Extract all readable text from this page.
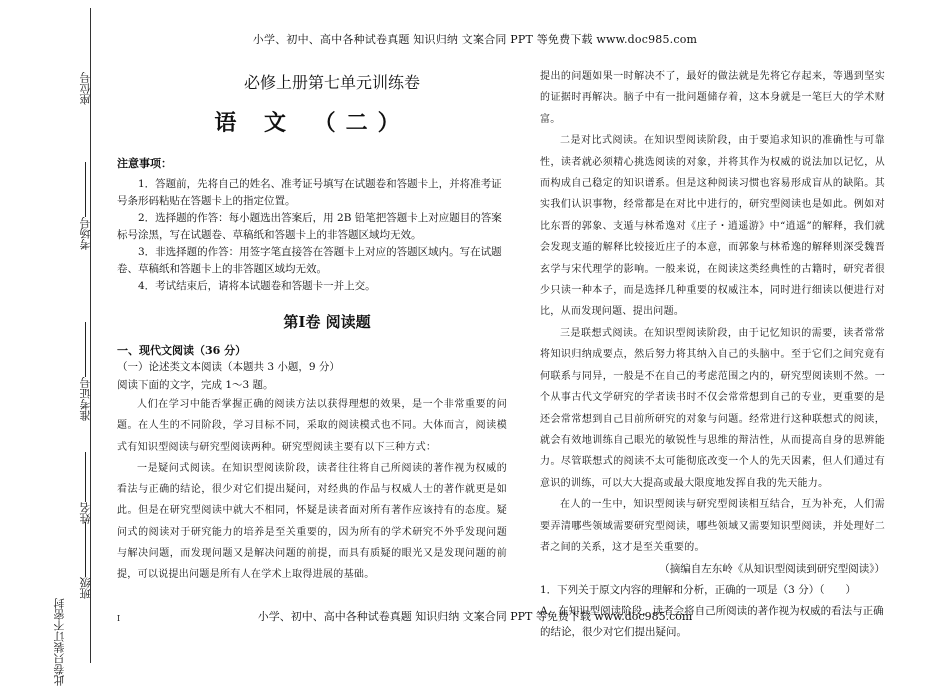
小学、初中、高中各种试卷真题 知识归纳 文案合同 PPT 等免费下载 www.doc985.com
座位号
考场号
准考证号
姓名
班级
此卷只装订不密封	I
必修上册第七单元训练卷
语 文 （二）
注意事项：

1．答题前，先将自己的姓名、准考证号填写在试题卷和答题卡上，并将准考证号条形码粘贴在答题卡上的指定位置。

2．选择题的作答：每小题选出答案后，用 2B 铅笔把答题卡上对应题目的答案标号涂黑，写在试题卷、草稿纸和答题卡上的非答题区域均无效。

3．非选择题的作答：用签字笔直接答在答题卡上对应的答题区域内。写在试题卷、草稿纸和答题卡上的非答题区域均无效。

4．考试结束后，请将本试题卷和答题卡一并上交。

第Ⅰ卷 阅读题
一、现代文阅读（36 分）

（一）论述类文本阅读（本题共 3 小题，9 分）

阅读下面的文字，完成 1～3 题。

人们在学习中能否掌握正确的阅读方法以获得理想的效果，是一个非常重要的问题。在人生的不同阶段，学习目标不同，采取的阅读模式也不同。大体而言，阅读模式有知识型阅读与研究型阅读两种。研究型阅读主要有以下三种方式：

一是疑问式阅读。在知识型阅读阶段，读者往往将自己所阅读的著作视为权威的看法与正确的结论，很少对它们提出疑问，对经典的作品与权威人士的著作就更是如此。但是在研究型阅读中就大不相同，怀疑是读者面对所有著作应该持有的态度。疑问式的阅读对于研究能力的培养是至关重要的，因为所有的学术研究不外乎发现问题与解决问题，而发现问题又是解决问题的前提，而具有质疑的眼光又是发现问题的前提，可以说提出问题是所有人在学术上取得进展的基础。

提出的问题如果一时解决不了，最好的做法就是先将它存起来，等遇到坚实的证据时再解决。脑子中有一批问题储存着，这本身就是一笔巨大的学术财富。

二是对比式阅读。在知识型阅读阶段，由于要追求知识的准确性与可靠性，读者就必须精心挑选阅读的对象，并将其作为权威的说法加以记忆，从而构成自己稳定的知识谱系。但是这种阅读习惯也容易形成盲从的缺陷。其实我们认识事物，经常都是在对比中进行的，研究型阅读也是如此。例如对比东晋的郭象、支遁与林希逸对《庄子・逍遥游》中“逍遥”的解释，我们就会发现支遁的解释比较接近庄子的本意，而郭象与林希逸的解释则深受魏晋玄学与宋代理学的影响。一般来说，在阅读这类经典性的古籍时，研究者很少只读一种本子，而是选择几种重要的权威注本，同时进行细读以便进行对比，从而发现问题、提出问题。

三是联想式阅读。在知识型阅读阶段，由于记忆知识的需要，读者常常将知识归纳成要点，然后努力将其纳入自己的头脑中。至于它们之间究竟有何联系与同异，一般是不在自己的考虑范围之内的，研究型阅读则不然。一个从事古代文学研究的学者读书时不仅会常常想到自己的专业，更重要的是还会常常想到自己目前所研究的对象与问题。经常进行这种联想式的阅读，就会有效地训练自己眼光的敏锐性与思维的辩洁性，从而提高自身的思辨能力。尽管联想式的阅读不太可能彻底改变一个人的先天因素，但人们通过有意识的训练，可以大大提高或最大限度地发挥自我的先天能力。

在人的一生中，知识型阅读与研究型阅读相互结合，互为补充，人们需要弄清哪些领域需要研究型阅读，哪些领域又需要知识型阅读，并处理好二者之间的关系，这才是至关重要的。

（摘编自左东岭《从知识型阅读到研究型阅读》）

1．下列关于原文内容的理解和分析，正确的一项是（3 分）（　　）

A．在知识型阅读阶段，读者会将自己所阅读的著作视为权威的看法与正确的结论，很少对它们提出疑问。

小学、初中、高中各种试卷真题 知识归纳 文案合同 PPT 等免费下载 www.doc985.com
